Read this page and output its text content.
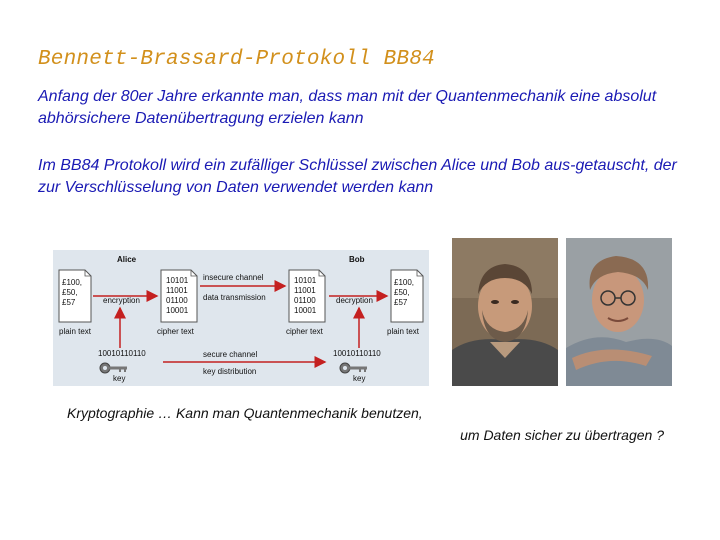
Bennett-Brassard-Protokoll BB84

Anfang der 80er Jahre erkannte man, dass man mit der Quantenmechanik eine absolut abhörsichere Datenübertragung erzielen kann

Im BB84 Protokoll wird ein zufälliger Schlüssel zwischen Alice und Bob aus-getauscht, der zur Verschlüsselung von Daten verwendet werden kann

Alice	Bob
£100,
£50,
£57
plain text
encryption
10101
11001
01100
10001
cipher text
insecure channel
data transmission
10101
11001
01100
10001
cipher text
decryption
£100,
£50,
£57
plain text
10010110110
key
secure channel
key distribution
10010110110
key

Kryptographie … Kann man Quantenmechanik benutzen,
um Daten sicher zu übertragen ?
